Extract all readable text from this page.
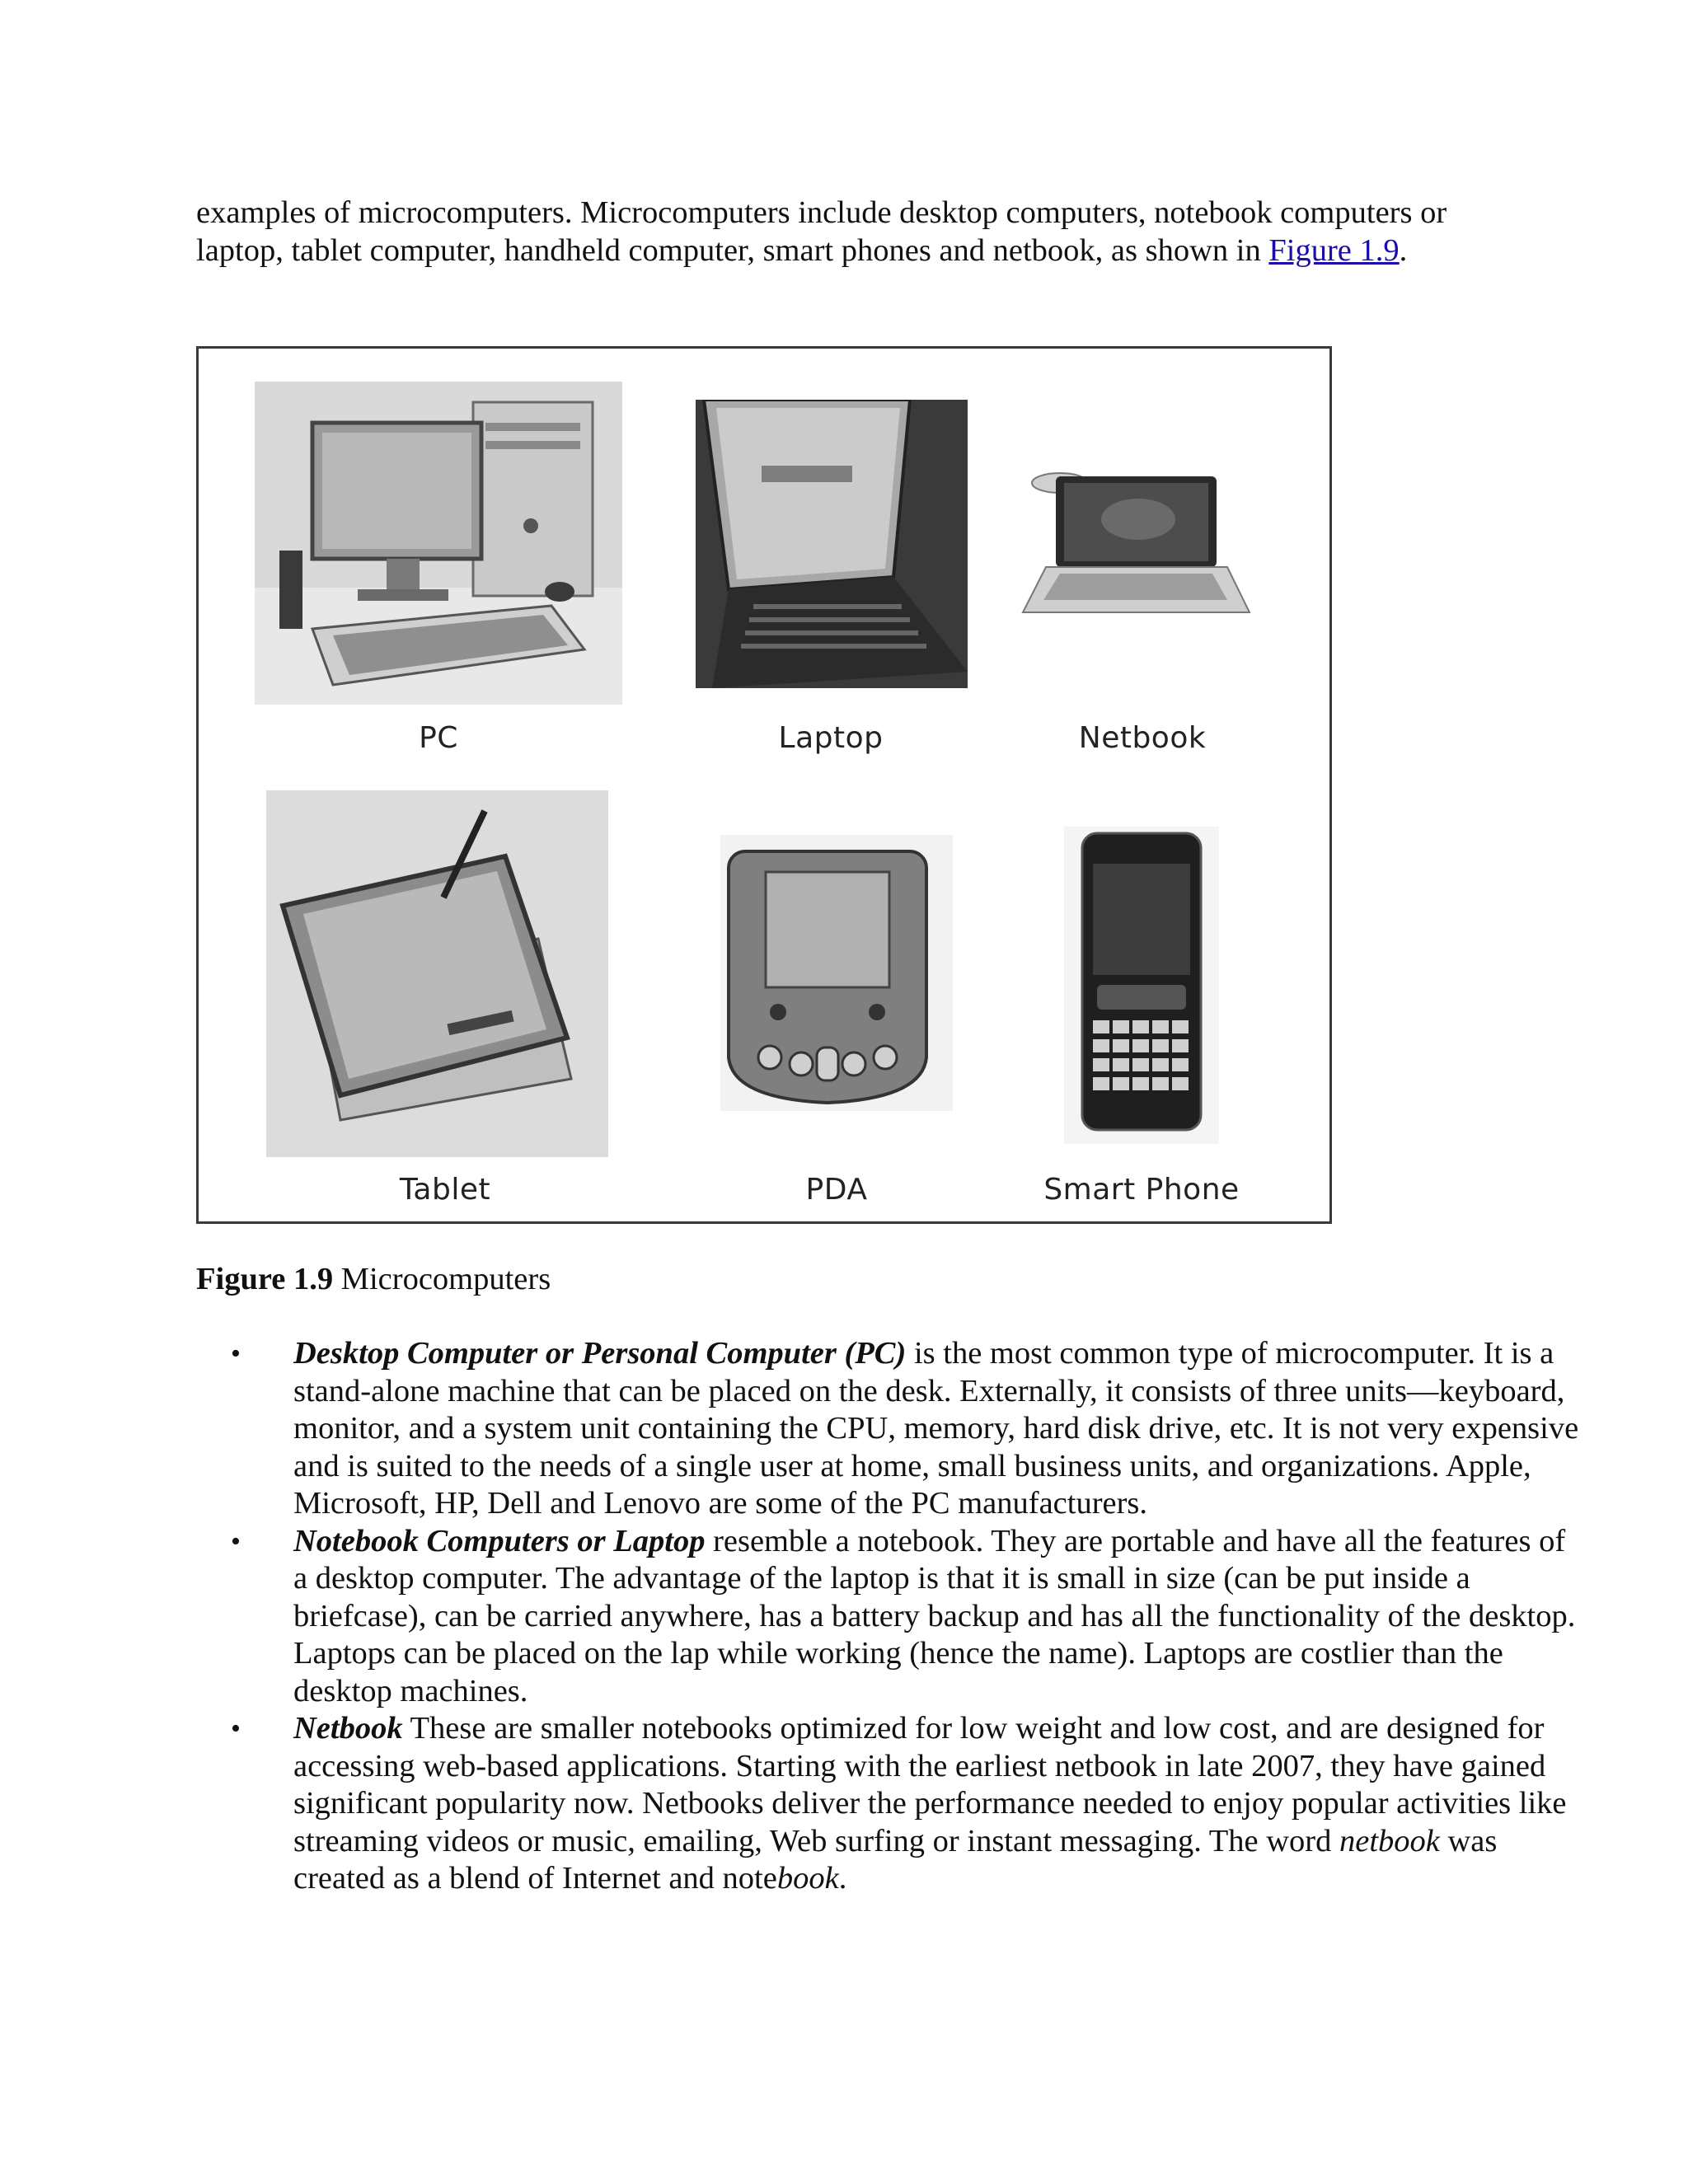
examples of microcomputers. Microcomputers include desktop computers, notebook computers or laptop, tablet computer, handheld computer, smart phones and netbook, as shown in Figure 1.9.

PC	Laptop	Netbook
Tablet	PDA	Smart Phone

Figure 1.9 Microcomputers

• Desktop Computer or Personal Computer (PC) is the most common type of microcomputer. It is a stand-alone machine that can be placed on the desk. Externally, it consists of three units—keyboard, monitor, and a system unit containing the CPU, memory, hard disk drive, etc. It is not very expensive and is suited to the needs of a single user at home, small business units, and organizations. Apple, Microsoft, HP, Dell and Lenovo are some of the PC manufacturers.
• Notebook Computers or Laptop resemble a notebook. They are portable and have all the features of a desktop computer. The advantage of the laptop is that it is small in size (can be put inside a briefcase), can be carried anywhere, has a battery backup and has all the functionality of the desktop. Laptops can be placed on the lap while working (hence the name). Laptops are costlier than the desktop machines.
• Netbook These are smaller notebooks optimized for low weight and low cost, and are designed for accessing web-based applications. Starting with the earliest netbook in late 2007, they have gained significant popularity now. Netbooks deliver the performance needed to enjoy popular activities like streaming videos or music, emailing, Web surfing or instant messaging. The word netbook was created as a blend of Internet and notebook.
